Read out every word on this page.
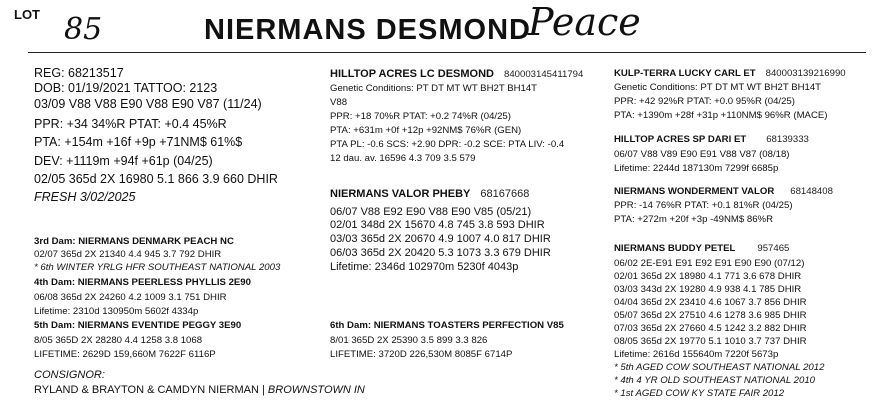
LOT 85	NIERMANS DESMOND
Peace
REG: 68213517
DOB: 01/19/2021 TATTOO: 2123
03/09 V88 V88 E90 V88 E90 V87 (11/24)
PPR: +34 34%R PTAT: +0.4 45%R
PTA: +154m +16f +9p +71NM$ 61%$
DEV: +1119m +94f +61p (04/25)
02/05 365d 2X 16980 5.1 866 3.9 660 DHIR
FRESH 3/02/2025
3rd Dam: NIERMANS DENMARK PEACH NC
02/07 365d 2X 21340 4.4 945 3.7 792 DHIR
* 6th WINTER YRLG HFR SOUTHEAST NATIONAL 2003
4th Dam: NIERMANS PEERLESS PHYLLIS 2E90
06/08 365d 2X 24260 4.2 1009 3.1 751 DHIR
Lifetime: 2310d 130950m 5602f 4334p
5th Dam: NIERMANS EVENTIDE PEGGY 3E90
8/05 365D 2X 28280 4.4 1258 3.8 1068
LIFETIME: 2629D 159,660M 7622F 6116P
CONSIGNOR:
RYLAND & BRAYTON & CAMDYN NIERMAN | BROWNSTOWN IN
HILLTOP ACRES LC DESMOND 840003145411794
Genetic Conditions: PT DT MT WT BH2T BH14T
V88
PPR: +18 70%R PTAT: +0.2 74%R (04/25)
PTA: +631m +0f +12p +92NM$ 76%R (GEN)
PTA PL: -0.6 SCS: +2.90 DPR: -0.2 SCE: PTA LIV: -0.4
12 dau. av. 16596 4.3 709 3.5 579
NIERMANS VALOR PHEBY 68167668
06/07 V88 E92 E90 V88 E90 V85 (05/21)
02/01 348d 2X 15670 4.8 745 3.8 593 DHIR
03/03 365d 2X 20670 4.9 1007 4.0 817 DHIR
06/03 365d 2X 20420 5.3 1073 3.3 679 DHIR
Lifetime: 2346d 102970m 5230f 4043p
6th Dam: NIERMANS TOASTERS PERFECTION V85
8/01 365D 2X 25390 3.5 899 3.3 826
LIFETIME: 3720D 226,530M 8085F 6714P
KULP-TERRA LUCKY CARL ET 840003139216990
Genetic Conditions: PT DT MT WT BH2T BH14T
PPR: +42 92%R PTAT: +0.0 95%R (04/25)
PTA: +1390m +28f +31p +110NM$ 96%R (MACE)
HILLTOP ACRES SP DARI ET 68139333
06/07 V88 V89 E90 E91 V88 V87 (08/18)
Lifetime: 2244d 187130m 7299f 6685p
NIERMANS WONDERMENT VALOR 68148408
PPR: -14 76%R PTAT: +0.1 81%R (04/25)
PTA: +272m +20f +3p -49NM$ 86%R
NIERMANS BUDDY PETEL 957465
06/02 2E-E91 E91 E92 E91 E90 E90 (07/12)
02/01 365d 2X 18980 4.1 771 3.6 678 DHIR
03/03 343d 2X 19280 4.9 938 4.1 785 DHIR
04/04 365d 2X 23410 4.6 1067 3.7 856 DHIR
05/07 365d 2X 27510 4.6 1278 3.6 985 DHIR
07/03 365d 2X 27660 4.5 1242 3.2 882 DHIR
08/05 365d 2X 19770 5.1 1010 3.7 737 DHIR
Lifetime: 2616d 155640m 7220f 5673p
* 5th AGED COW SOUTHEAST NATIONAL 2012
* 4th 4 YR OLD SOUTHEAST NATIONAL 2010
* 1st AGED COW KY STATE FAIR 2012
